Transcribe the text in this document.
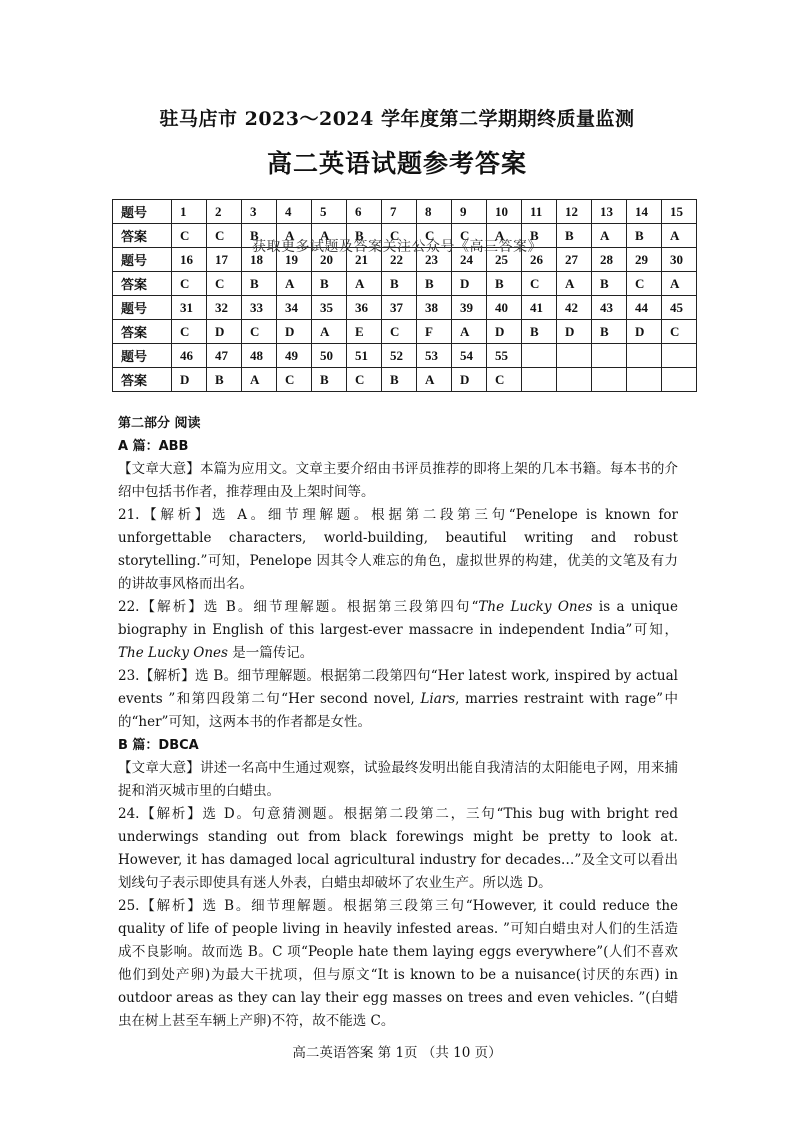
驻马店市 2023～2024 学年度第二学期期终质量监测
高二英语试题参考答案
题号	1	2	3	4	5	6	7	8	9	10	11	12	13	14	15
答案	C	C	B	A	A	B	C	C	C	A	B	B	A	B	A
题号	16	17	18	19	20	21	22	23	24	25	26	27	28	29	30
答案	C	C	B	A	B	A	B	B	D	B	C	A	B	C	A
题号	31	32	33	34	35	36	37	38	39	40	41	42	43	44	45
答案	C	D	C	D	A	E	C	F	A	D	B	D	B	D	C
题号	46	47	48	49	50	51	52	53	54	55					
答案	D	B	A	C	B	C	B	A	D	C					
获取更多试题及答案关注公众号《高三答案》
第二部分 阅读
A 篇：ABB
【文章大意】本篇为应用文。文章主要介绍由书评员推荐的即将上架的几本书籍。每本书的介绍中包括书作者，推荐理由及上架时间等。
21.【解析】选 A。细节理解题。根据第二段第三句“Penelope is known for unforgettable characters, world-building, beautiful writing and robust storytelling.”可知，Penelope 因其令人难忘的角色，虚拟世界的构建，优美的文笔及有力的讲故事风格而出名。
22.【解析】选 B。细节理解题。根据第三段第四句“The Lucky Ones is a unique biography in English of this largest-ever massacre in independent India”可知，The Lucky Ones 是一篇传记。
23.【解析】选 B。细节理解题。根据第二段第四句“Her latest work, inspired by actual events ”和第四段第二句“Her second novel, Liars, marries restraint with rage”中的“her”可知，这两本书的作者都是女性。
B 篇：DBCA
【文章大意】讲述一名高中生通过观察，试验最终发明出能自我清洁的太阳能电子网，用来捕捉和消灭城市里的白蜡虫。
24.【解析】选 D。句意猜测题。根据第二段第二，三句“This bug with bright red underwings standing out from black forewings might be pretty to look at. However, it has damaged local agricultural industry for decades…”及全文可以看出划线句子表示即使具有迷人外表，白蜡虫却破坏了农业生产。所以选 D。
25.【解析】选 B。细节理解题。根据第三段第三句“However, it could reduce the quality of life of people living in heavily infested areas. ”可知白蜡虫对人们的生活造成不良影响。故而选 B。C 项“People hate them laying eggs everywhere”(人们不喜欢他们到处产卵)为最大干扰项，但与原文“It is known to be a nuisance(讨厌的东西) in outdoor areas as they can lay their egg masses on trees and even vehicles. ”(白蜡虫在树上甚至车辆上产卵)不符，故不能选 C。
高二英语答案 第 1页 （共 10 页）
